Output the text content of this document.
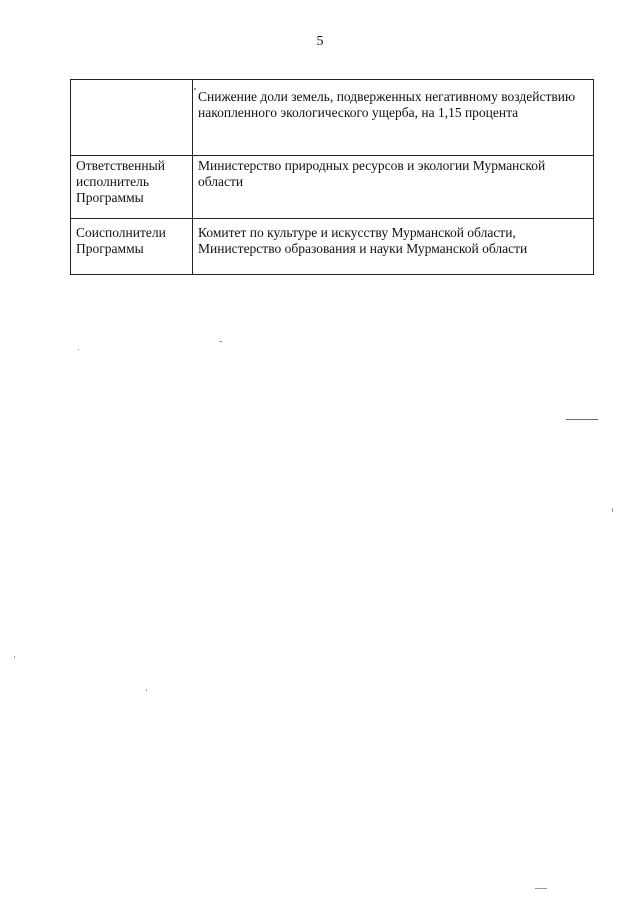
5
	Снижение доли земель, подверженных негативному воздействию накопленного экологического ущерба, на 1,15 процента
Ответственный исполнитель Программы	Министерство природных ресурсов и экологии Мурманской области
Соисполнители Программы	Комитет по культуре и искусству Мурманской области, Министерство образования и науки Мурманской области
